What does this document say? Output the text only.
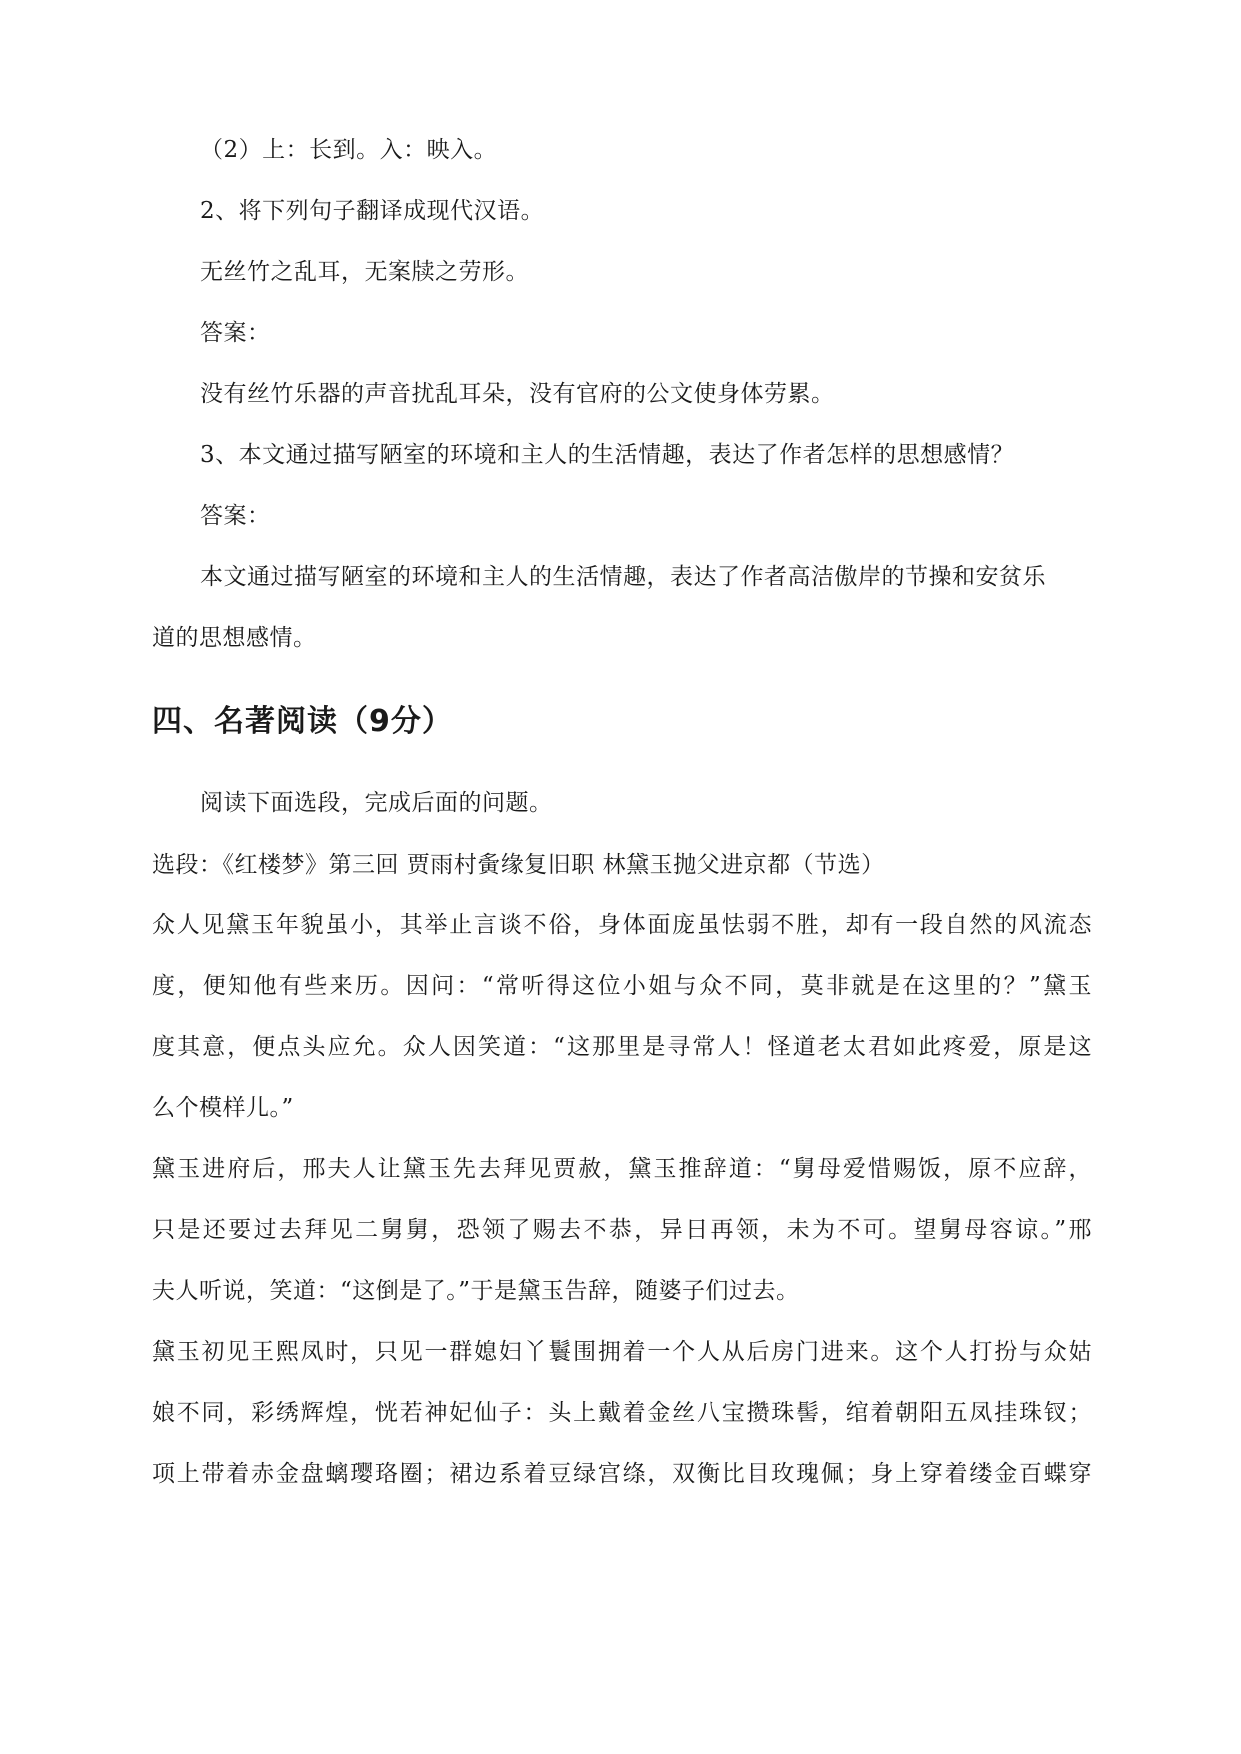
（2）上：长到。入：映入。
2、将下列句子翻译成现代汉语。
无丝竹之乱耳，无案牍之劳形。
答案：
没有丝竹乐器的声音扰乱耳朵，没有官府的公文使身体劳累。
3、本文通过描写陋室的环境和主人的生活情趣，表达了作者怎样的思想感情？
答案：
本文通过描写陋室的环境和主人的生活情趣，表达了作者高洁傲岸的节操和安贫乐
道的思想感情。
四、名著阅读（9分）
阅读下面选段，完成后面的问题。
选段：《红楼梦》第三回 贾雨村夤缘复旧职 林黛玉抛父进京都（节选）
众人见黛玉年貌虽小，其举止言谈不俗，身体面庞虽怯弱不胜，却有一段自然的风流态
度，便知他有些来历。因问：“常听得这位小姐与众不同，莫非就是在这里的？”黛玉
度其意，便点头应允。众人因笑道：“这那里是寻常人！怪道老太君如此疼爱，原是这
么个模样儿。”
黛玉进府后，邢夫人让黛玉先去拜见贾赦，黛玉推辞道：“舅母爱惜赐饭，原不应辞，
只是还要过去拜见二舅舅，恐领了赐去不恭，异日再领，未为不可。望舅母容谅。”邢
夫人听说，笑道：“这倒是了。”于是黛玉告辞，随婆子们过去。
黛玉初见王熙凤时，只见一群媳妇丫鬟围拥着一个人从后房门进来。这个人打扮与众姑
娘不同，彩绣辉煌，恍若神妃仙子：头上戴着金丝八宝攒珠髻，绾着朝阳五凤挂珠钗；
项上带着赤金盘螭璎珞圈；裙边系着豆绿宫绦，双衡比目玫瑰佩；身上穿着缕金百蝶穿
